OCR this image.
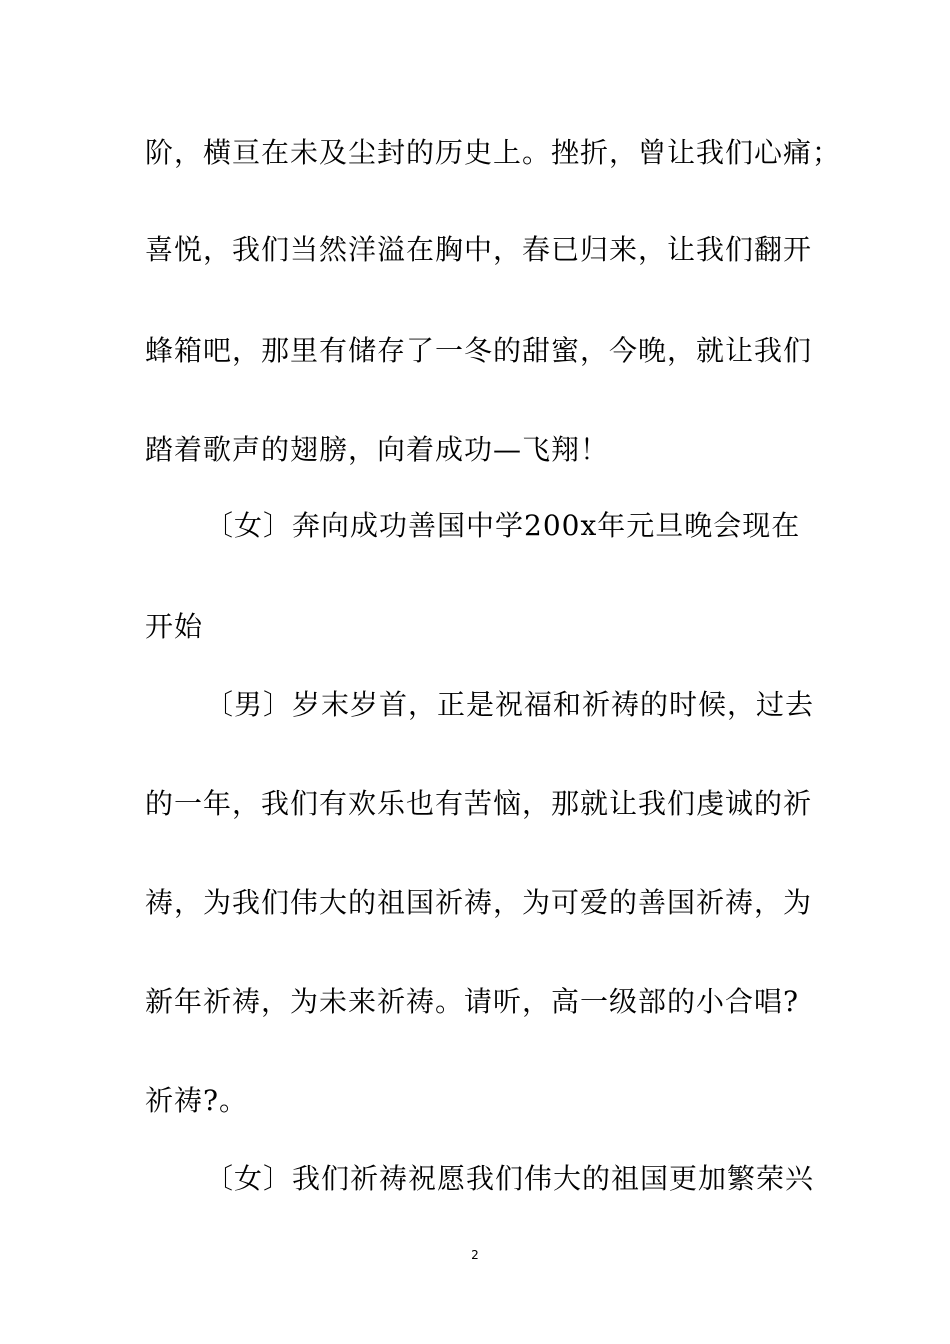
阶，横亘在未及尘封的历史上。挫折，曾让我们心痛；
喜悦，我们当然洋溢在胸中，春已归来，让我们翻开
蜂箱吧，那里有储存了一冬的甜蜜，今晚，就让我们
踏着歌声的翅膀，向着成功—飞翔！
〔女〕奔向成功善国中学200x年元旦晚会现在
开始
〔男〕岁末岁首，正是祝福和祈祷的时候，过去
的一年，我们有欢乐也有苦恼，那就让我们虔诚的祈
祷，为我们伟大的祖国祈祷，为可爱的善国祈祷，为
新年祈祷，为未来祈祷。请听，高一级部的小合唱?
祈祷?。
〔女〕我们祈祷祝愿我们伟大的祖国更加繁荣兴
2
